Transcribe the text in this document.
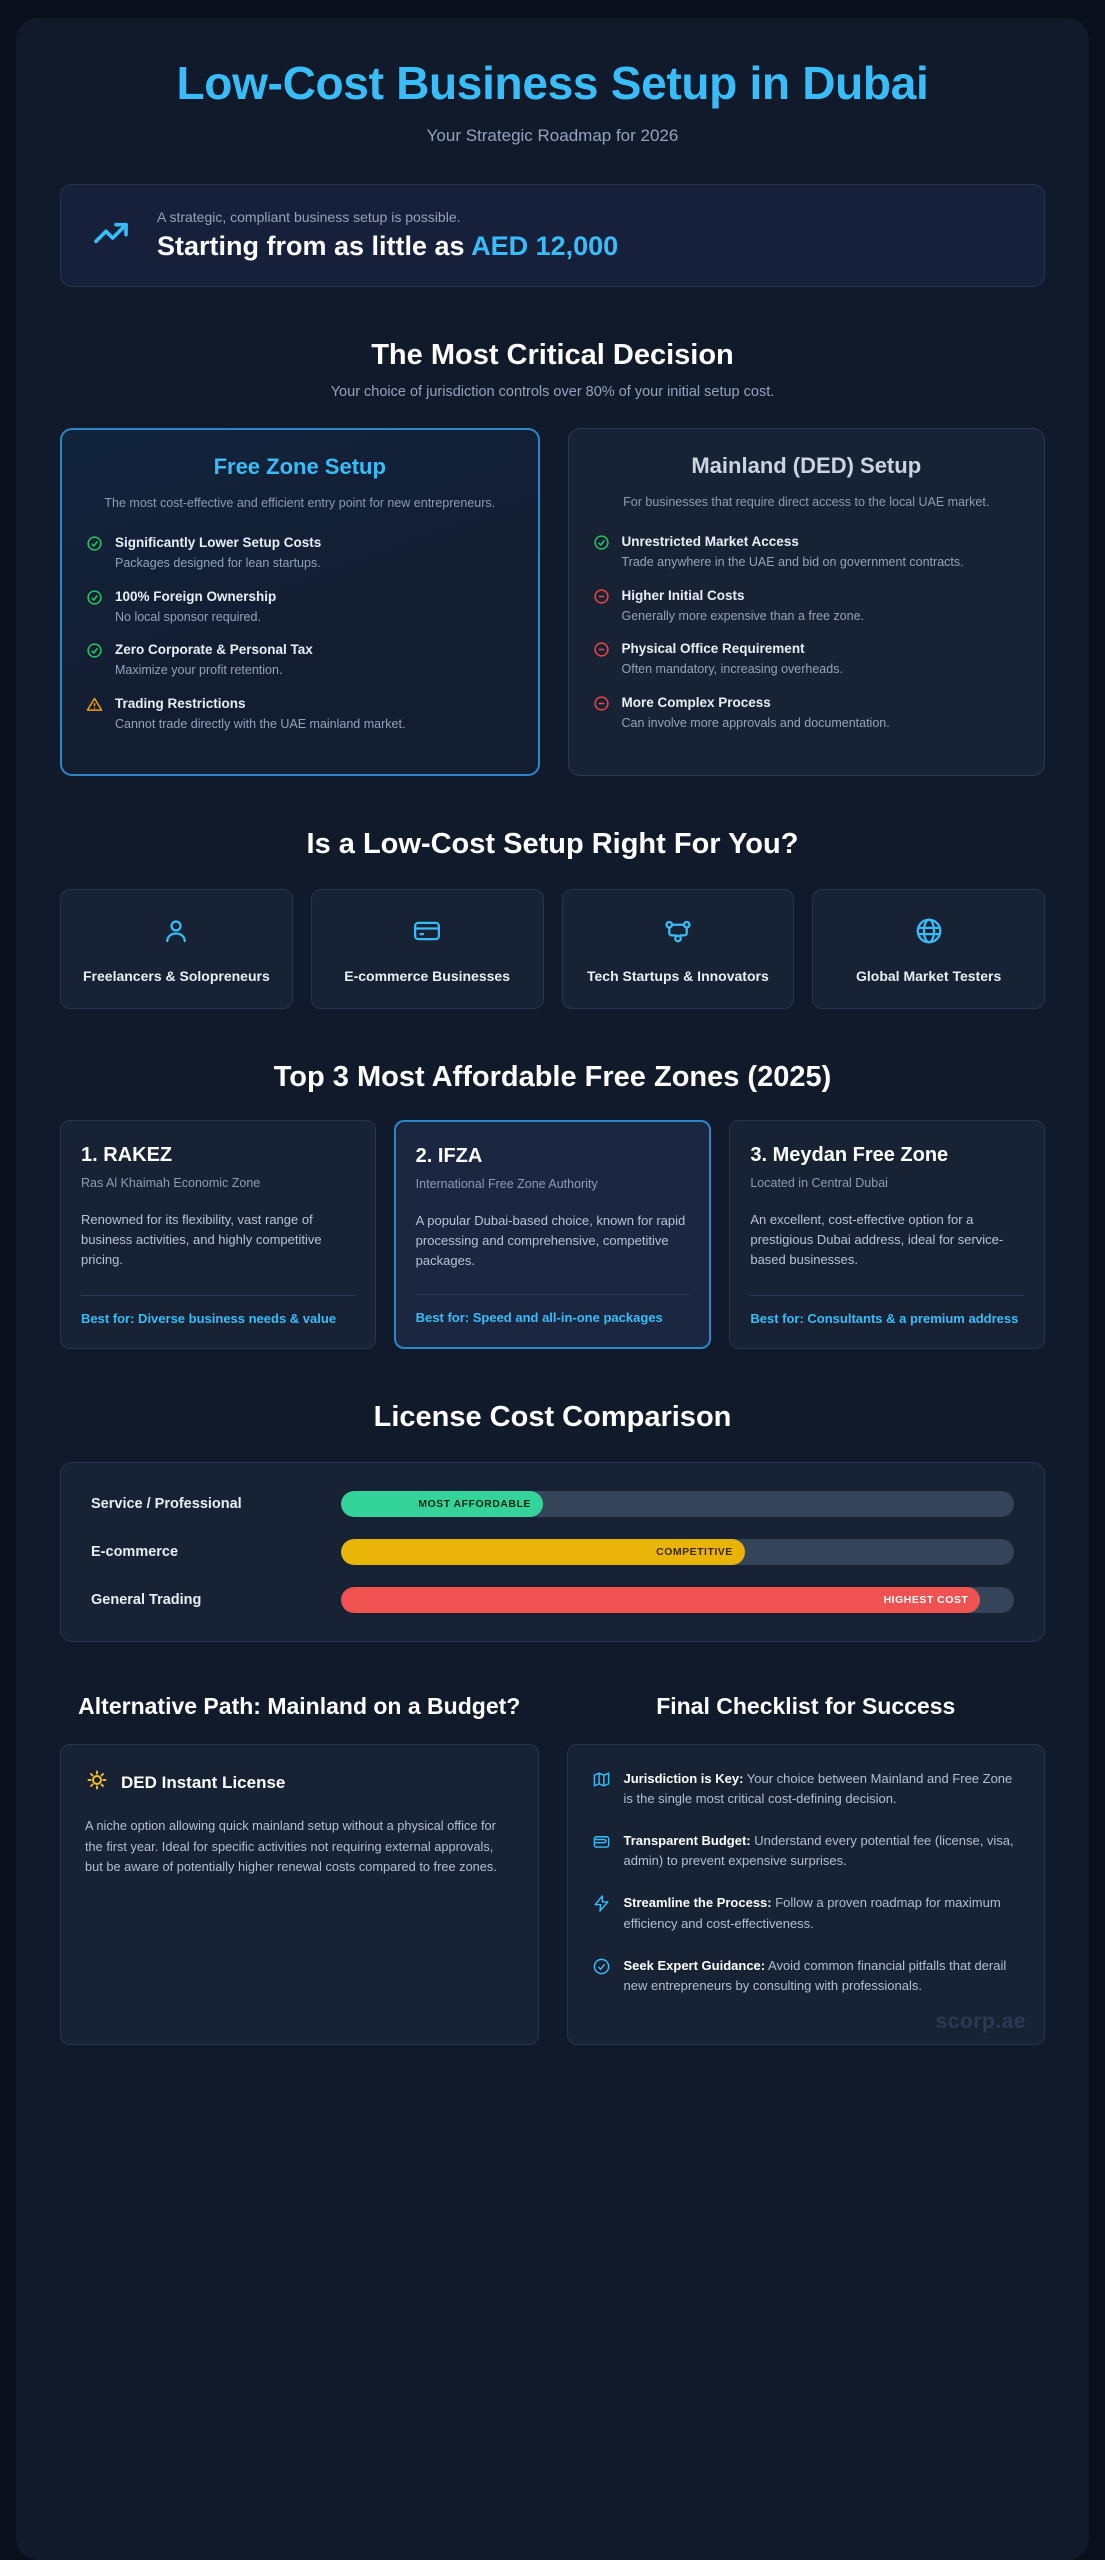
Low-Cost Business Setup in Dubai
Your Strategic Roadmap for 2026
A strategic, compliant business setup is possible.
Starting from as little as AED 12,000
The Most Critical Decision
Your choice of jurisdiction controls over 80% of your initial setup cost.
Free Zone Setup
The most cost-effective and efficient entry point for new entrepreneurs.
Significantly Lower Setup Costs
Packages designed for lean startups.
100% Foreign Ownership
No local sponsor required.
Zero Corporate & Personal Tax
Maximize your profit retention.
Trading Restrictions
Cannot trade directly with the UAE mainland market.
Mainland (DED) Setup
For businesses that require direct access to the local UAE market.
Unrestricted Market Access
Trade anywhere in the UAE and bid on government contracts.
Higher Initial Costs
Generally more expensive than a free zone.
Physical Office Requirement
Often mandatory, increasing overheads.
More Complex Process
Can involve more approvals and documentation.
Is a Low-Cost Setup Right For You?
Freelancers & Solopreneurs	E-commerce Businesses	Tech Startups & Innovators	Global Market Testers
Top 3 Most Affordable Free Zones (2025)
1. RAKEZ
Ras Al Khaimah Economic Zone
Renowned for its flexibility, vast range of business activities, and highly competitive pricing.
Best for: Diverse business needs & value
2. IFZA
International Free Zone Authority
A popular Dubai-based choice, known for rapid processing and comprehensive, competitive packages.
Best for: Speed and all-in-one packages
3. Meydan Free Zone
Located in Central Dubai
An excellent, cost-effective option for a prestigious Dubai address, ideal for service-based businesses.
Best for: Consultants & a premium address
License Cost Comparison
Service / Professional	MOST AFFORDABLE
E-commerce	COMPETITIVE
General Trading	HIGHEST COST
Alternative Path: Mainland on a Budget?
DED Instant License
A niche option allowing quick mainland setup without a physical office for the first year. Ideal for specific activities not requiring external approvals, but be aware of potentially higher renewal costs compared to free zones.
Final Checklist for Success
Jurisdiction is Key: Your choice between Mainland and Free Zone is the single most critical cost-defining decision.
Transparent Budget: Understand every potential fee (license, visa, admin) to prevent expensive surprises.
Streamline the Process: Follow a proven roadmap for maximum efficiency and cost-effectiveness.
Seek Expert Guidance: Avoid common financial pitfalls that derail new entrepreneurs by consulting with professionals.
scorp.ae
